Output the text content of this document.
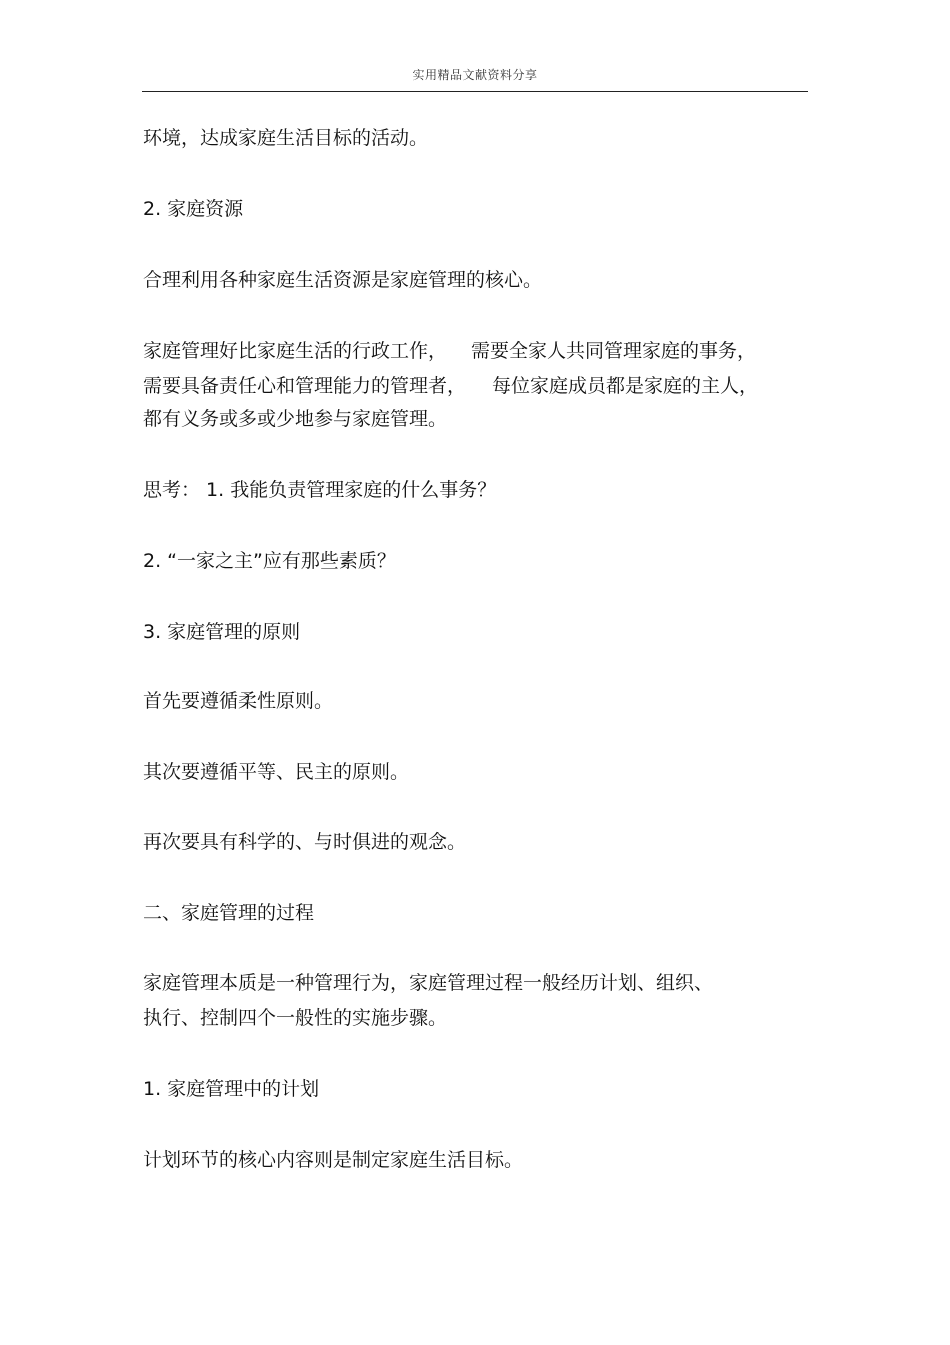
实用精品文献资料分享
环境，达成家庭生活目标的活动。
2. 家庭资源
合理利用各种家庭生活资源是家庭管理的核心。
家庭管理好比家庭生活的行政工作， 需要全家人共同管理家庭的事务，
需要具备责任心和管理能力的管理者， 每位家庭成员都是家庭的主人，
都有义务或多或少地参与家庭管理。
思考： 1. 我能负责管理家庭的什么事务？
2. “一家之主”应有那些素质？
3. 家庭管理的原则
首先要遵循柔性原则。
其次要遵循平等、民主的原则。
再次要具有科学的、与时俱进的观念。
二、家庭管理的过程
家庭管理本质是一种管理行为，家庭管理过程一般经历计划、组织、
执行、控制四个一般性的实施步骤。
1. 家庭管理中的计划
计划环节的核心内容则是制定家庭生活目标。
